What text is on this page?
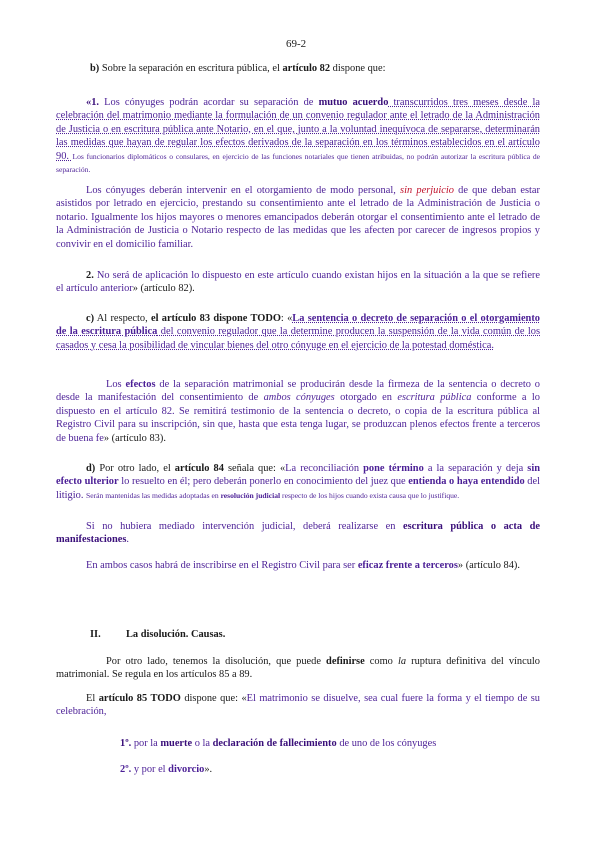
69-2
b) Sobre la separación en escritura pública, el artículo 82 dispone que:
«1. Los cónyuges podrán acordar su separación de mutuo acuerdo transcurridos tres meses desde la celebración del matrimonio mediante la formulación de un convenio regulador ante el letrado de la Administración de Justicia o en escritura pública ante Notario, en el que, junto a la voluntad inequívoca de separarse, determinarán las medidas que hayan de regular los efectos derivados de la separación en los términos establecidos en el artículo 90. Los funcionarios diplomáticos o consulares, en ejercicio de las funciones notariales que tienen atribuidas, no podrán autorizar la escritura pública de separación.
Los cónyuges deberán intervenir en el otorgamiento de modo personal, sin perjuicio de que deban estar asistidos por letrado en ejercicio, prestando su consentimiento ante el letrado de la Administración de Justicia o notario. Igualmente los hijos mayores o menores emancipados deberán otorgar el consentimiento ante el letrado de la Administración de Justicia o Notario respecto de las medidas que les afecten por carecer de ingresos propios y convivir en el domicilio familiar.
2. No será de aplicación lo dispuesto en este artículo cuando existan hijos en la situación a la que se refiere el artículo anterior» (artículo 82).
c) Al respecto, el artículo 83 dispone TODO: «La sentencia o decreto de separación o el otorgamiento de la escritura pública del convenio regulador que la determine producen la suspensión de la vida común de los casados y cesa la posibilidad de vincular bienes del otro cónyuge en el ejercicio de la potestad doméstica.
Los efectos de la separación matrimonial se producirán desde la firmeza de la sentencia o decreto o desde la manifestación del consentimiento de ambos cónyuges otorgado en escritura pública conforme a lo dispuesto en el artículo 82. Se remitirá testimonio de la sentencia o decreto, o copia de la escritura pública al Registro Civil para su inscripción, sin que, hasta que esta tenga lugar, se produzcan plenos efectos frente a terceros de buena fe» (artículo 83).
d) Por otro lado, el artículo 84 señala que: «La reconciliación pone término a la separación y deja sin efecto ulterior lo resuelto en él; pero deberán ponerlo en conocimiento del juez que entienda o haya entendido del litigio. Serán mantenidas las medidas adoptadas en resolución judicial respecto de los hijos cuando exista causa que lo justifique.
Si no hubiera mediado intervención judicial, deberá realizarse en escritura pública o acta de manifestaciones.
En ambos casos habrá de inscribirse en el Registro Civil para ser eficaz frente a terceros» (artículo 84).
II. La disolución. Causas.
Por otro lado, tenemos la disolución, que puede definirse como la ruptura definitiva del vínculo matrimonial. Se regula en los artículos 85 a 89.
El artículo 85 TODO dispone que: «El matrimonio se disuelve, sea cual fuere la forma y el tiempo de su celebración,
1º. por la muerte o la declaración de fallecimiento de uno de los cónyuges
2º. y por el divorcio».
